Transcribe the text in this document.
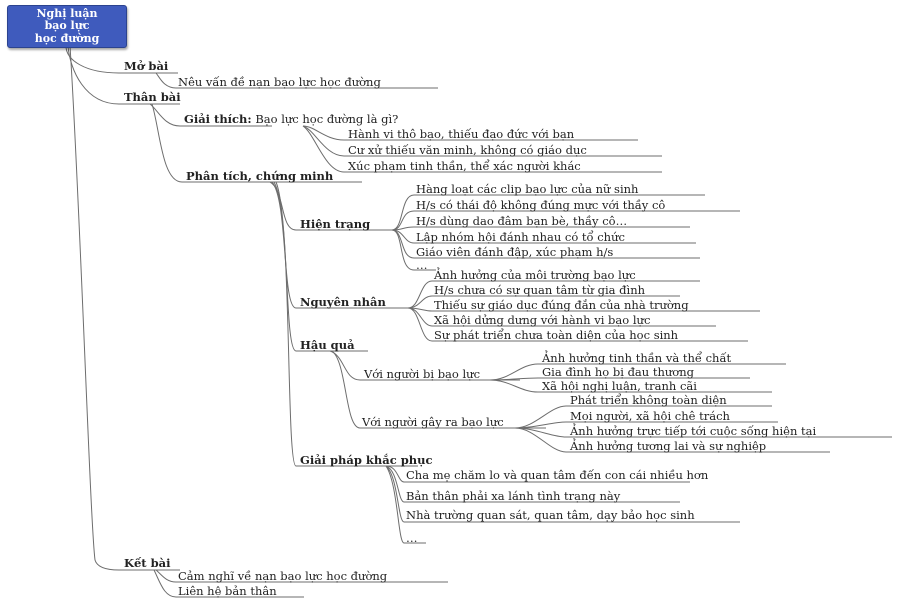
Nghị luận
bạo lực
học đường
Mở bài
Nêu vấn đề nạn bạo lực học đường
Thân bài
Giải thích: Bạo lực học đường là gì?
Hành vi thô bạo, thiếu đạo đức với bạn
Cư xử thiếu văn minh, không có giáo dục
Xúc phạm tinh thần, thể xác người khác
Phân tích, chứng minh
Hiện trạng
Hàng loạt các clip bạo lực của nữ sinh
H/s có thái độ không đúng mực với thầy cô
H/s dùng dao đâm bạn bè, thầy cô…
Lập nhóm hội đánh nhau có tổ chức
Giáo viên đánh đập, xúc phạm h/s
…
Nguyên nhân
Ảnh hưởng của môi trường bạo lực
H/s chưa có sự quan tâm từ gia đình
Thiếu sự giáo dục đúng đắn của nhà trường
Xã hội dửng dưng với hành vi bạo lực
Sự phát triển chưa toàn diện của học sinh
Hậu quả
Với người bị bạo lực
Ảnh hưởng tinh thần và thể chất
Gia đình họ bị đau thương
Xã hội nghị luận, tranh cãi
Với người gây ra bạo lực
Phát triển không toàn diện
Mọi người, xã hội chê trách
Ảnh hưởng trực tiếp tới cuộc sống hiện tại
Ảnh hưởng tương lai và sự nghiệp
Giải pháp khắc phục
Cha mẹ chăm lo và quan tâm đến con cái nhiều hơn
Bản thân phải xa lánh tình trạng này
Nhà trường quan sát, quan tâm, dạy bảo học sinh
…
Kết bài
Cảm nghĩ về nạn bạo lực học đường
Liên hệ bản thân
